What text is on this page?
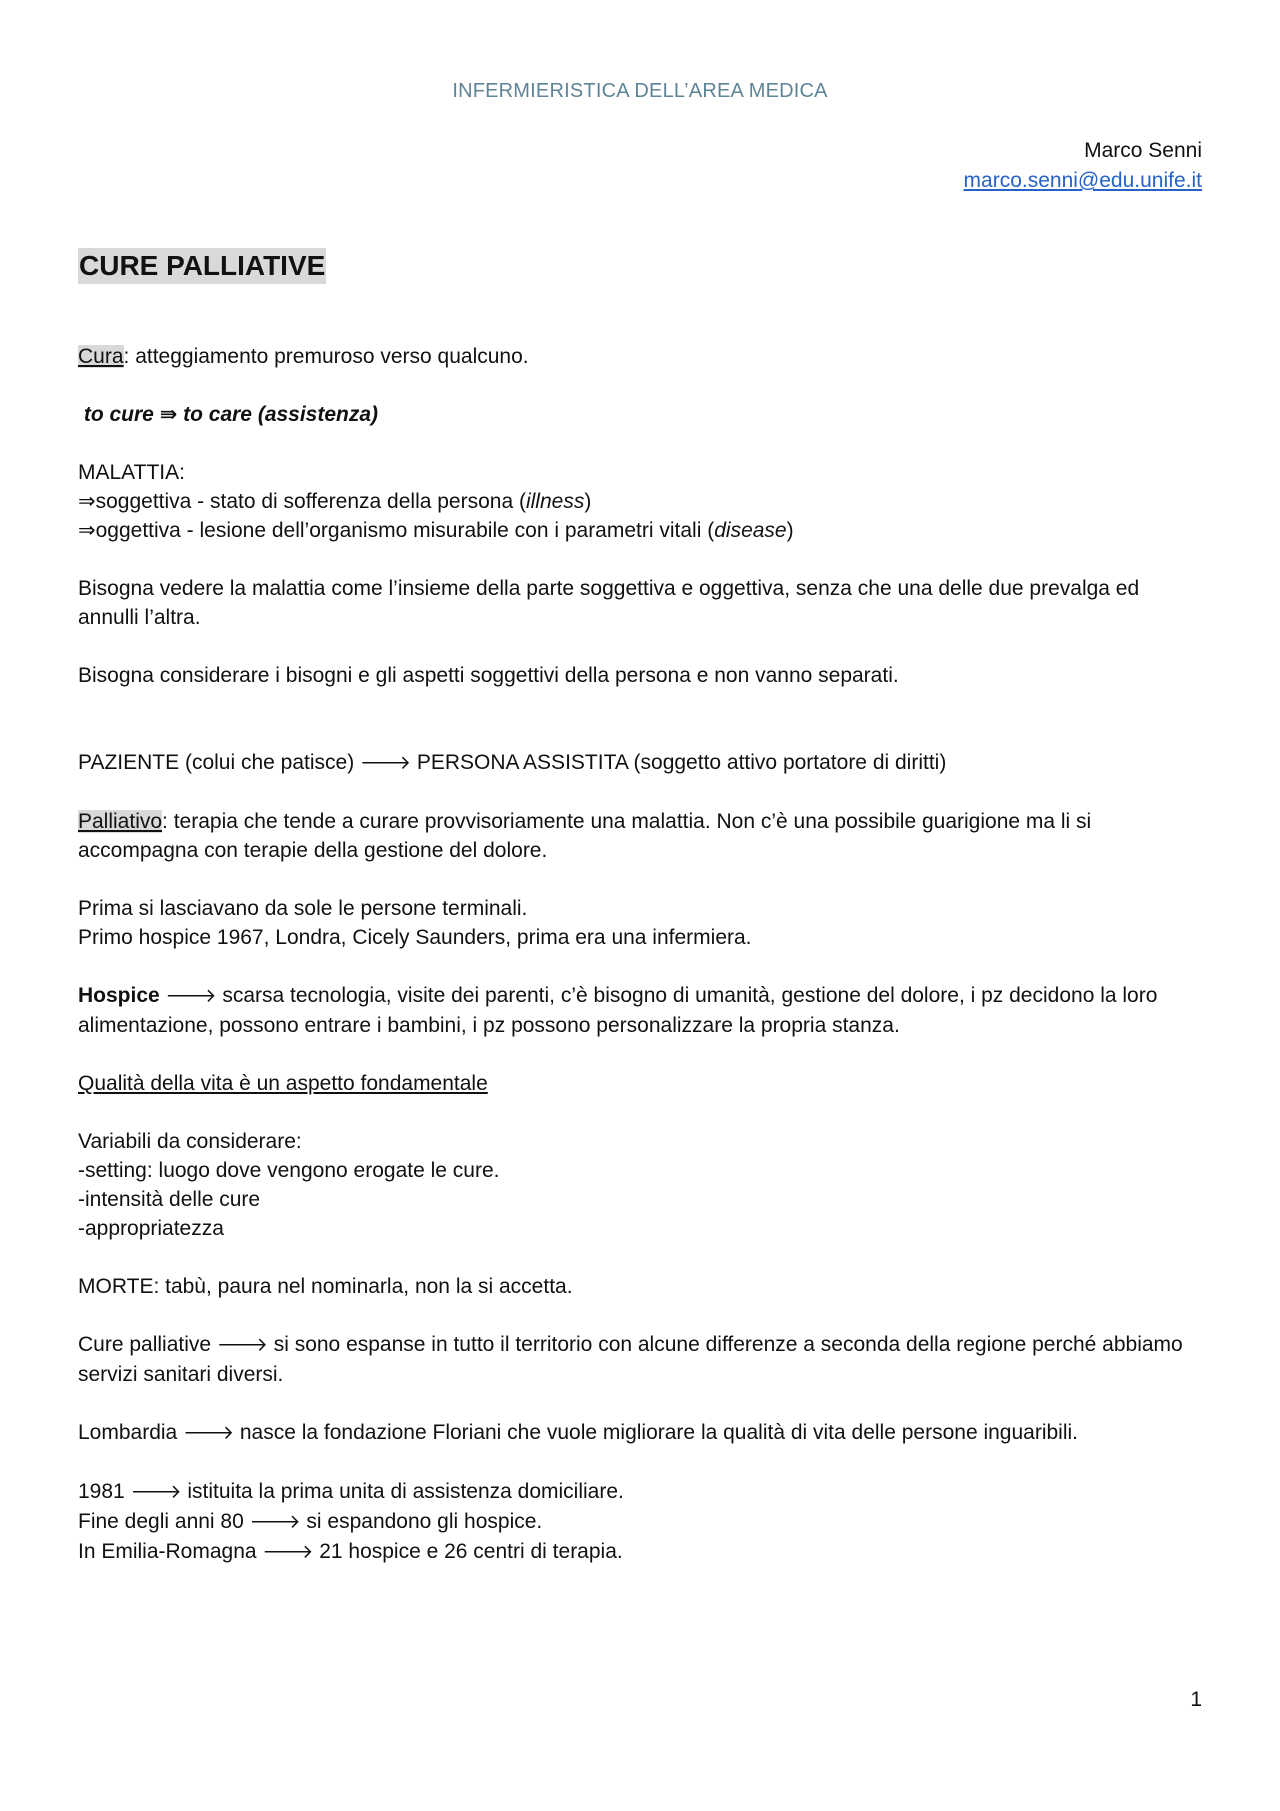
INFERMIERISTICA DELL’AREA MEDICA
Marco Senni
marco.senni@edu.unife.it
CURE PALLIATIVE

Cura: atteggiamento premuroso verso qualcuno.

to cure ⇛ to care (assistenza)

MALATTIA:

⇒soggettiva - stato di sofferenza della persona (illness)

⇒oggettiva - lesione dell’organismo misurabile con i parametri vitali (disease)

Bisogna vedere la malattia come l’insieme della parte soggettiva e oggettiva, senza che una delle due prevalga ed annulli l’altra.

Bisogna considerare i bisogni e gli aspetti soggettivi della persona e non vanno separati.

PAZIENTE (colui che patisce) 🡒 PERSONA ASSISTITA (soggetto attivo portatore di diritti)

Palliativo: terapia che tende a curare provvisoriamente una malattia. Non c’è una possibile guarigione ma li si accompagna con terapie della gestione del dolore.

Prima si lasciavano da sole le persone terminali.

Primo hospice 1967, Londra, Cicely Saunders, prima era una infermiera.

Hospice 🡒 scarsa tecnologia, visite dei parenti, c’è bisogno di umanità, gestione del dolore, i pz decidono la loro alimentazione, possono entrare i bambini, i pz possono personalizzare la propria stanza.

Qualità della vita è un aspetto fondamentale

Variabili da considerare:

-setting: luogo dove vengono erogate le cure.

-intensità delle cure

-appropriatezza

MORTE: tabù, paura nel nominarla, non la si accetta.

Cure palliative 🡒 si sono espanse in tutto il territorio con alcune differenze a seconda della regione perché abbiamo servizi sanitari diversi.

Lombardia 🡒 nasce la fondazione Floriani che vuole migliorare la qualità di vita delle persone inguaribili.

1981 🡒 istituita la prima unita di assistenza domiciliare.

Fine degli anni 80 🡒 si espandono gli hospice.

In Emilia-Romagna 🡒 21 hospice e 26 centri di terapia.

1
